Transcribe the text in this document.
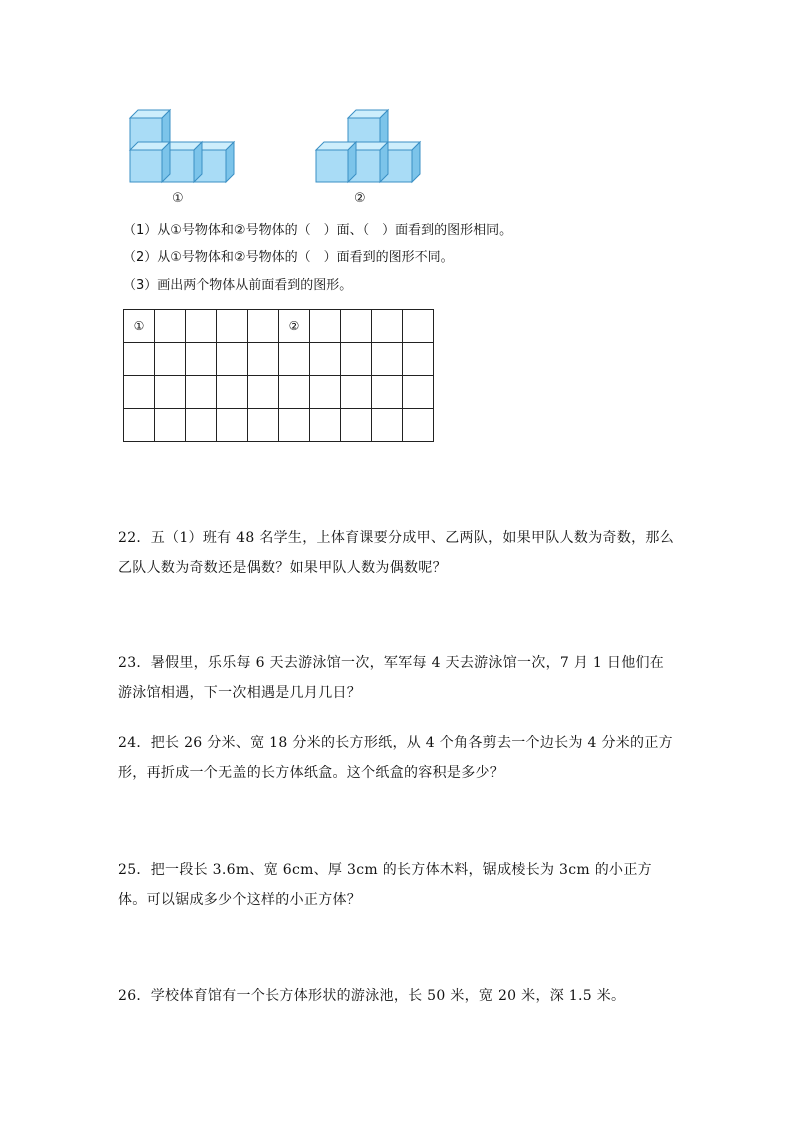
①	②
（1）从①号物体和②号物体的（　）面、（　）面看到的图形相同。
（2）从①号物体和②号物体的（　）面看到的图形不同。
（3）画出两个物体从前面看到的图形。
①					②				

22．五（1）班有 48 名学生，上体育课要分成甲、乙两队，如果甲队人数为奇数，那么乙队人数为奇数还是偶数？如果甲队人数为偶数呢？
23．暑假里，乐乐每 6 天去游泳馆一次，军军每 4 天去游泳馆一次，7 月 1 日他们在游泳馆相遇，下一次相遇是几月几日？
24．把长 26 分米、宽 18 分米的长方形纸，从 4 个角各剪去一个边长为 4 分米的正方形，再折成一个无盖的长方体纸盒。这个纸盒的容积是多少？
25．把一段长 3.6m、宽 6cm、厚 3cm 的长方体木料，锯成棱长为 3cm 的小正方体。可以锯成多少个这样的小正方体？
26．学校体育馆有一个长方体形状的游泳池，长 50 米，宽 20 米，深 1.5 米。
